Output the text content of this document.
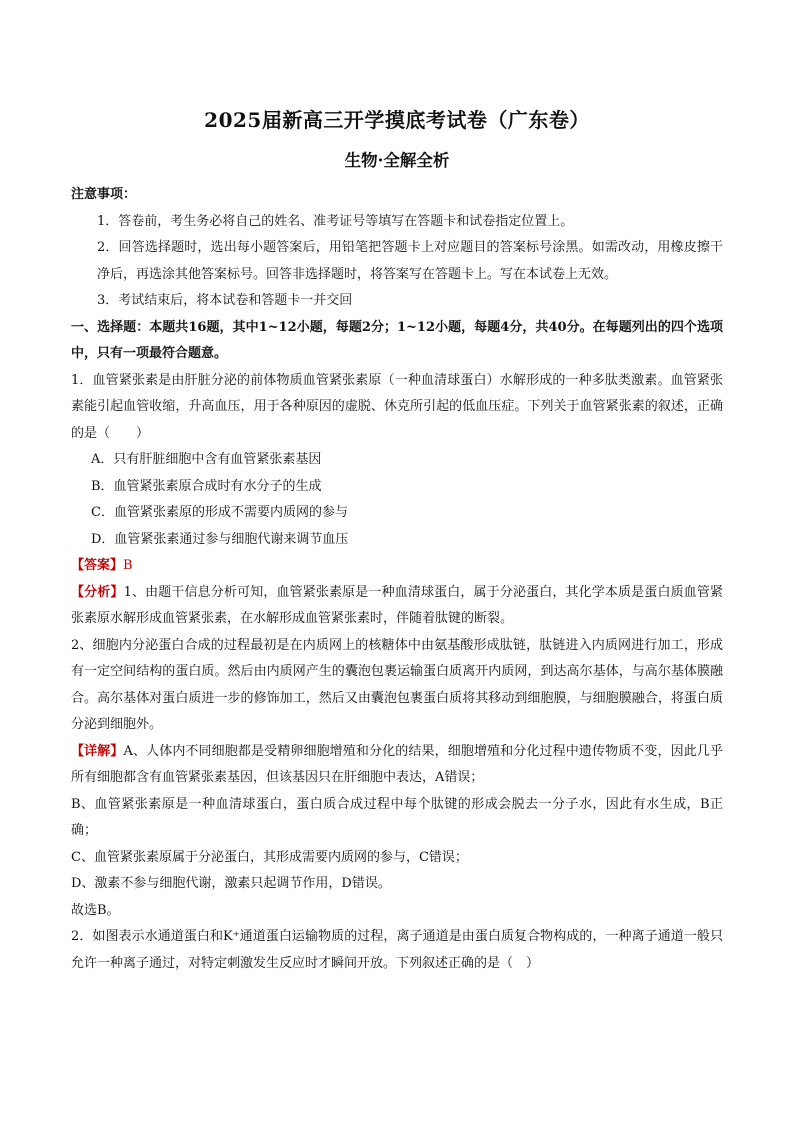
2025届新高三开学摸底考试卷（广东卷）
生物·全解全析

注意事项：

1．答卷前，考生务必将自己的姓名、准考证号等填写在答题卡和试卷指定位置上。

2．回答选择题时，选出每小题答案后，用铅笔把答题卡上对应题目的答案标号涂黑。如需改动，用橡皮擦干净后，再选涂其他答案标号。回答非选择题时，将答案写在答题卡上。写在本试卷上无效。

3．考试结束后，将本试卷和答题卡一并交回

一、选择题：本题共16题，其中1~12小题，每题2分；1~12小题，每题4分，共40分。在每题列出的四个选项中，只有一项最符合题意。

1．血管紧张素是由肝脏分泌的前体物质血管紧张素原（一种血清球蛋白）水解形成的一种多肽类激素。血管紧张素能引起血管收缩，升高血压，用于各种原因的虚脱、休克所引起的低血压症。下列关于血管紧张素的叙述，正确的是（　　）

A．只有肝脏细胞中含有血管紧张素基因

B．血管紧张素原合成时有水分子的生成

C．血管紧张素原的形成不需要内质网的参与

D．血管紧张素通过参与细胞代谢来调节血压

【答案】B

【分析】1、由题干信息分析可知，血管紧张素原是一种血清球蛋白，属于分泌蛋白，其化学本质是蛋白质血管紧张素原水解形成血管紧张素，在水解形成血管紧张素时，伴随着肽键的断裂。

2、细胞内分泌蛋白合成的过程最初是在内质网上的核糖体中由氨基酸形成肽链，肽链进入内质网进行加工，形成有一定空间结构的蛋白质。然后由内质网产生的囊泡包裹运输蛋白质离开内质网，到达高尔基体，与高尔基体膜融合。高尔基体对蛋白质进一步的修饰加工，然后又由囊泡包裹蛋白质将其移动到细胞膜，与细胞膜融合，将蛋白质分泌到细胞外。

【详解】A、人体内不同细胞都是受精卵细胞增殖和分化的结果，细胞增殖和分化过程中遗传物质不变，因此几乎所有细胞都含有血管紧张素基因，但该基因只在肝细胞中表达，A错误；

B、血管紧张素原是一种血清球蛋白，蛋白质合成过程中每个肽键的形成会脱去一分子水，因此有水生成，B正确；

C、血管紧张素原属于分泌蛋白，其形成需要内质网的参与，C错误；

D、激素不参与细胞代谢，激素只起调节作用，D错误。

故选B。

2．如图表示水通道蛋白和K⁺通道蛋白运输物质的过程，离子通道是由蛋白质复合物构成的，一种离子通道一般只允许一种离子通过，对特定刺激发生反应时才瞬间开放。下列叙述正确的是（　）
